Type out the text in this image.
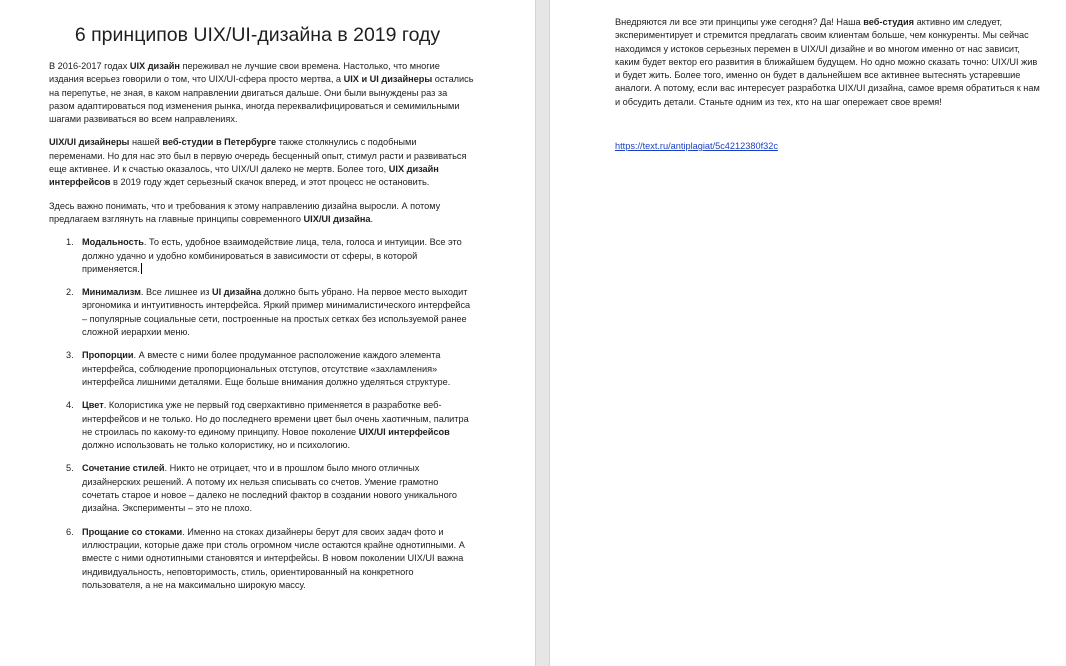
6 принципов UIX/UI-дизайна в 2019 году

В 2016-2017 годах UIX дизайн переживал не лучшие свои времена. Настолько, что многие издания всерьез говорили о том, что UIX/UI-сфера просто мертва, а UIX и UI дизайнеры остались на перепутье, не зная, в каком направлении двигаться дальше. Они были вынуждены раз за разом адаптироваться под изменения рынка, иногда переквалифицироваться и семимильными шагами развиваться во всем направлениях.

UIX/UI дизайнеры нашей веб-студии в Петербурге также столкнулись с подобными переменами. Но для нас это был в первую очередь бесценный опыт, стимул расти и развиваться еще активнее. И к счастью оказалось, что UIX/UI далеко не мертв. Более того, UIX дизайн интерфейсов в 2019 году ждет серьезный скачок вперед, и этот процесс не остановить.

Здесь важно понимать, что и требования к этому направлению дизайна выросли. А потому предлагаем взглянуть на главные принципы современного UIX/UI дизайна.

1. Модальность. То есть, удобное взаимодействие лица, тела, голоса и интуиции. Все это должно удачно и удобно комбинироваться в зависимости от сферы, в которой применяется.
2. Минимализм. Все лишнее из UI дизайна должно быть убрано. На первое место выходит эргономика и интуитивность интерфейса. Яркий пример минималистического интерфейса – популярные социальные сети, построенные на простых сетках без используемой ранее сложной иерархии меню.
3. Пропорции. А вместе с ними более продуманное расположение каждого элемента интерфейса, соблюдение пропорциональных отступов, отсутствие «захламления» интерфейса лишними деталями. Еще больше внимания должно уделяться структуре.
4. Цвет. Колористика уже не первый год сверхактивно применяется в разработке веб-интерфейсов и не только. Но до последнего времени цвет был очень хаотичным, палитра не строилась по какому-то единому принципу. Новое поколение UIX/UI интерфейсов должно использовать не только колористику, но и психологию.
5. Сочетание стилей. Никто не отрицает, что и в прошлом было много отличных дизайнерских решений. А потому их нельзя списывать со счетов. Умение грамотно сочетать старое и новое – далеко не последний фактор в создании нового уникального дизайна. Эксперименты – это не плохо.
6. Прощание со стоками. Именно на стоках дизайнеры берут для своих задач фото и иллюстрации, которые даже при столь огромном числе остаются крайне однотипными. А вместе с ними однотипными становятся и интерфейсы. В новом поколении UIX/UI важна индивидуальность, неповторимость, стиль, ориентированный на конкретного пользователя, а не на максимально широкую массу.

Внедряются ли все эти принципы уже сегодня? Да! Наша веб-студия активно им следует, экспериментирует и стремится предлагать своим клиентам больше, чем конкуренты. Мы сейчас находимся у истоков серьезных перемен в UIX/UI дизайне и во многом именно от нас зависит, каким будет вектор его развития в ближайшем будущем. Но одно можно сказать точно: UIX/UI жив и будет жить. Более того, именно он будет в дальнейшем все активнее вытеснять устаревшие аналоги. А потому, если вас интересует разработка UIX/UI дизайна, самое время обратиться к нам и обсудить детали. Станьте одним из тех, кто на шаг опережает свое время!

https://text.ru/antiplagiat/5c4212380f32c
